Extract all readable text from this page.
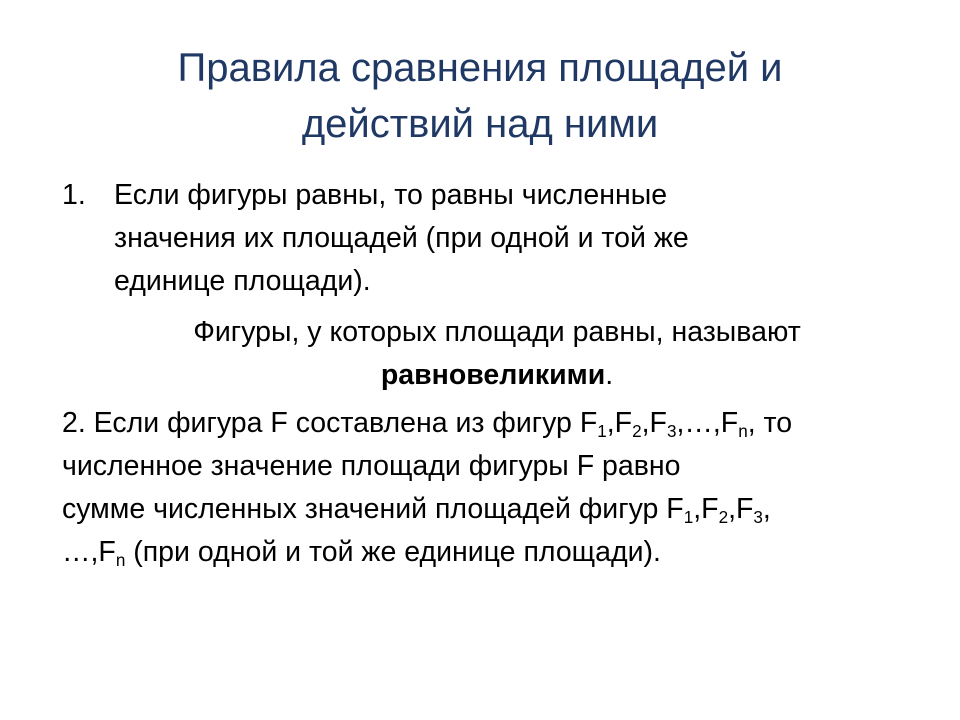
Правила сравнения площадей и
действий над ними
1. Если фигуры равны, то равны численные
значения их площадей (при одной и той же
единице площади).
Фигуры, у которых площади равны, называют
равновеликими.
2. Если фигура F составлена из фигур $F_1,F_2,F_3,\dots,F_n$, то
численное значение площади фигуры F равно
сумме численных значений площадей фигур $F_1,F_2,F_3$,
$\dots,F_n$ (при одной и той же единице площади).
